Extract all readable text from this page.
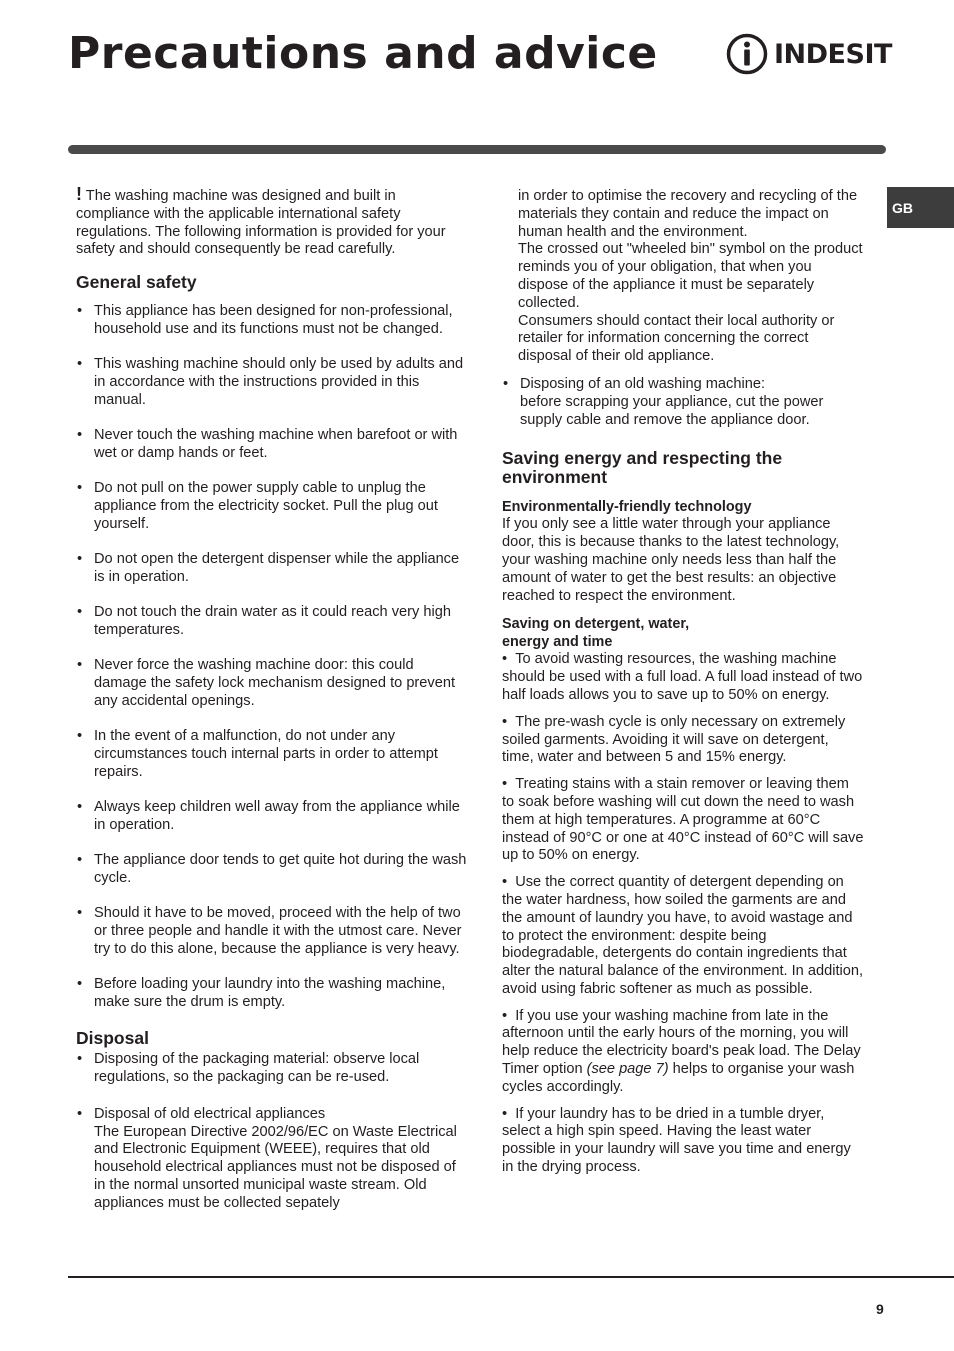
Precautions and advice	INDESIT
GB

! The washing machine was designed and built in compliance with the applicable international safety regulations. The following information is provided for your safety and should consequently be read carefully.

General safety
• This appliance has been designed for non-professional, household use and its functions must not be changed.
• This washing machine should only be used by adults and in accordance with the instructions provided in this manual.
• Never touch the washing machine when barefoot or with wet or damp hands or feet.
• Do not pull on the power supply cable to unplug the appliance from the electricity socket. Pull the plug out yourself.
• Do not open the detergent dispenser while the appliance is in operation.
• Do not touch the drain water as it could reach very high temperatures.
• Never force the washing machine door: this could damage the safety lock mechanism designed to prevent any accidental openings.
• In the event of a malfunction, do not under any circumstances touch internal parts in order to attempt repairs.
• Always keep children well away from the appliance while in operation.
• The appliance door tends to get quite hot during the wash cycle.
• Should it have to be moved, proceed with the help of two or three people and handle it with the utmost care. Never try to do this alone, because the appliance is very heavy.
• Before loading your laundry into the washing machine, make sure the drum is empty.
Disposal
• Disposing of the packaging material: observe local regulations, so the packaging can be re-used.
• Disposal of old electrical appliances

The European Directive 2002/96/EC on Waste Electrical and Electronic Equipment (WEEE), requires that old household electrical appliances must not be disposed of in the normal unsorted municipal waste stream. Old appliances must be collected sepately

in order to optimise the recovery and recycling of the materials they contain and reduce the impact on human health and the environment.

The crossed out "wheeled bin" symbol on the product reminds you of your obligation, that when you dispose of the appliance it must be separately collected.

Consumers should contact their local authority or retailer for information concerning the correct disposal of their old appliance.

• Disposing of an old washing machine:
before scrapping your appliance, cut the power supply cable and remove the appliance door.
Saving energy and respecting the environment
Environmentally-friendly technology

If you only see a little water through your appliance door, this is because thanks to the latest technology, your washing machine only needs less than half the amount of water to get the best results: an objective reached to respect the environment.

Saving on detergent, water,
energy and time

•  To avoid wasting resources, the washing machine should be used with a full load. A full load instead of two half loads allows you to save up to 50% on energy.

•  The pre-wash cycle is only necessary on extremely soiled garments. Avoiding it will save on detergent, time, water and between 5 and 15% energy.

•  Treating stains with a stain remover or leaving them to soak before washing will cut down the need to wash them at high temperatures. A programme at 60°C instead of 90°C or one at 40°C instead of 60°C will save up to 50% on energy.

•  Use the correct quantity of detergent depending on the water hardness, how soiled the garments are and the amount of laundry you have, to avoid wastage and to protect the environment: despite being biodegradable, detergents do contain ingredients that alter the natural balance of the environment. In addition, avoid using fabric softener as much as possible.

•  If you use your washing machine from late in the afternoon until the early hours of the morning, you will help reduce the electricity board's peak load. The Delay Timer option (see page 7) helps to organise your wash cycles accordingly.

•  If your laundry has to be dried in a tumble dryer, select a high spin speed. Having the least water possible in your laundry will save you time and energy in the drying process.

9
